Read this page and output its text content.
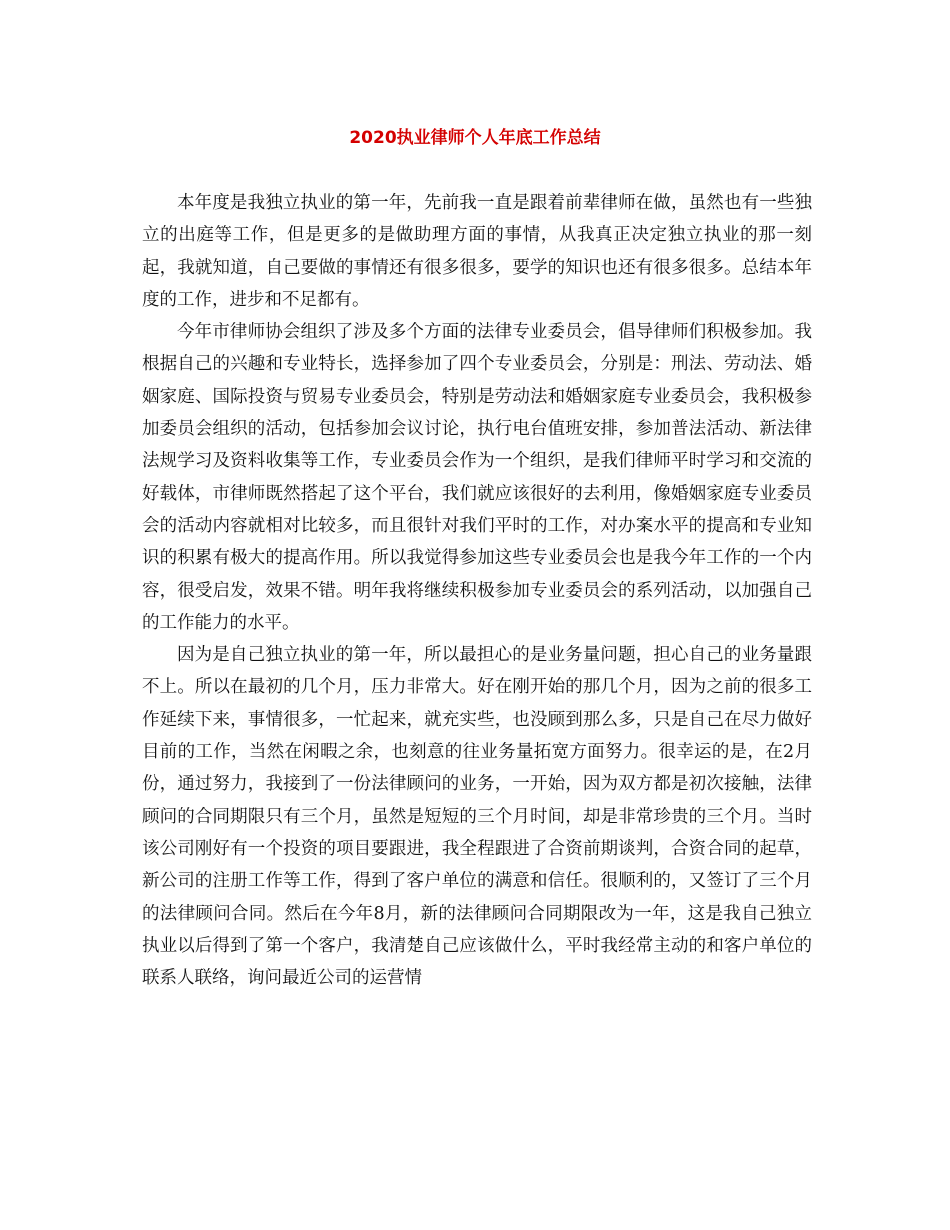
2020执业律师个人年底工作总结

本年度是我独立执业的第一年，先前我一直是跟着前辈律师在做，虽然也有一些独立的出庭等工作，但是更多的是做助理方面的事情，从我真正决定独立执业的那一刻起，我就知道，自己要做的事情还有很多很多，要学的知识也还有很多很多。总结本年度的工作，进步和不足都有。

今年市律师协会组织了涉及多个方面的法律专业委员会，倡导律师们积极参加。我根据自己的兴趣和专业特长，选择参加了四个专业委员会，分别是：刑法、劳动法、婚姻家庭、国际投资与贸易专业委员会，特别是劳动法和婚姻家庭专业委员会，我积极参加委员会组织的活动，包括参加会议讨论，执行电台值班安排，参加普法活动、新法律法规学习及资料收集等工作，专业委员会作为一个组织，是我们律师平时学习和交流的好载体，市律师既然搭起了这个平台，我们就应该很好的去利用，像婚姻家庭专业委员会的活动内容就相对比较多，而且很针对我们平时的工作，对办案水平的提高和专业知识的积累有极大的提高作用。所以我觉得参加这些专业委员会也是我今年工作的一个内容，很受启发，效果不错。明年我将继续积极参加专业委员会的系列活动，以加强自己的工作能力的水平。

因为是自己独立执业的第一年，所以最担心的是业务量问题，担心自己的业务量跟不上。所以在最初的几个月，压力非常大。好在刚开始的那几个月，因为之前的很多工作延续下来，事情很多，一忙起来，就充实些，也没顾到那么多，只是自己在尽力做好目前的工作，当然在闲暇之余，也刻意的往业务量拓宽方面努力。很幸运的是，在2月份，通过努力，我接到了一份法律顾问的业务，一开始，因为双方都是初次接触，法律顾问的合同期限只有三个月，虽然是短短的三个月时间，却是非常珍贵的三个月。当时该公司刚好有一个投资的项目要跟进，我全程跟进了合资前期谈判，合资合同的起草，新公司的注册工作等工作，得到了客户单位的满意和信任。很顺利的，又签订了三个月的法律顾问合同。然后在今年8月，新的法律顾问合同期限改为一年，这是我自己独立执业以后得到了第一个客户，我清楚自己应该做什么，平时我经常主动的和客户单位的联系人联络，询问最近公司的运营情
